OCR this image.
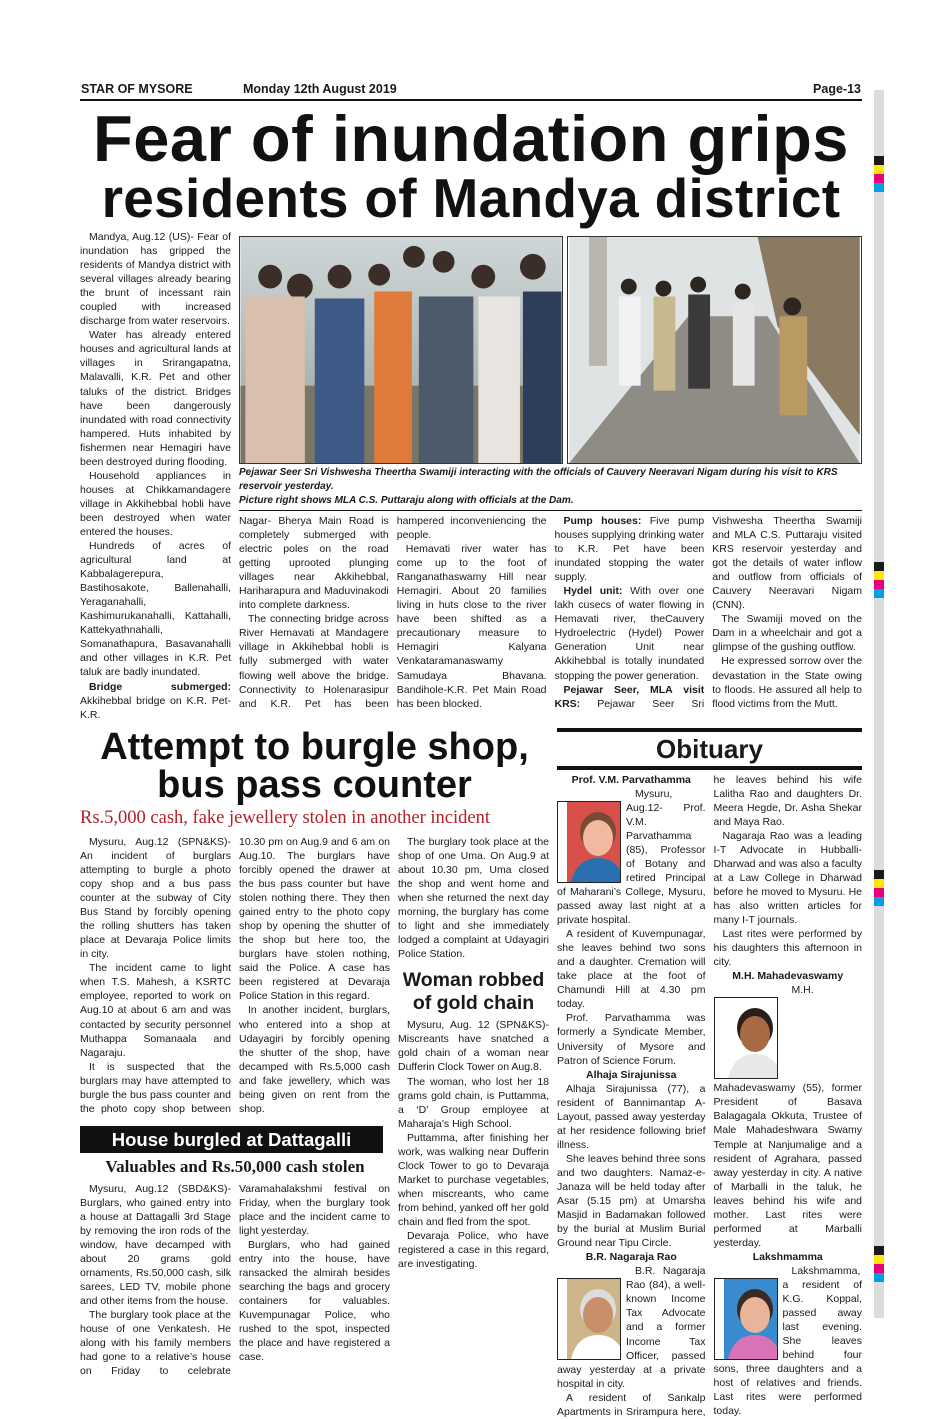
STAR OF MYSORE	Monday 12th August 2019	Page-13
Fear of inundation grips
residents of Mandya district

Mandya, Aug.12 (US)- Fear of inundation has gripped the residents of Mandya district with several villages already bearing the brunt of incessant rain coupled with increased discharge from water reservoirs.

Water has already entered houses and agricultural lands at villages in Srirangapatna, Malavalli, K.R. Pet and other taluks of the district. Bridges have been dangerously inundated with road connectivity hampered. Huts inhabited by fishermen near Hemagiri have been destroyed during flooding.

Household appliances in houses at Chikkamandagere village in Akkihebbal hobli have been destroyed when water entered the houses.

Hundreds of acres of agricultural land at Kabbalagerepura, Bastihosakote, Ballenahalli, Yeraganahalli, Kashimurukanahalli, Kattahalli, Kattekyathnahalli, Somanathapura, Basavanahalli and other villages in K.R. Pet taluk are badly inundated.

Bridge submerged: Akkihebbal bridge on K.R. Pet-K.R.

Pejawar Seer Sri Vishwesha Theertha Swamiji interacting with the officials of Cauvery Neeravari Nigam during his visit to KRS reservoir yesterday.
Picture right shows MLA C.S. Puttaraju along with officials at the Dam.

Nagar- Bherya Main Road is completely submerged with electric poles on the road getting uprooted plunging villages near Akkihebbal, Hariharapura and Maduvinakodi into complete darkness.

The connecting bridge across River Hemavati at Mandagere village in Akkihebbal hobli is fully submerged with water flowing well above the bridge. Connectivity to Holenarasipur and K.R. Pet has been hampered inconveniencing the people.

Hemavati river water has come up to the foot of Ranganathaswamy Hill near Hemagiri. About 20 families living in huts close to the river have been shifted as a precautionary measure to Hemagiri Kalyana Venkataramanaswamy Samudaya Bhavana. Bandihole-K.R. Pet Main Road has been blocked.

Pump houses: Five pump houses supplying drinking water to K.R. Pet have been inundated stopping the water supply.

Hydel unit: With over one lakh cusecs of water flowing in Hemavati river, theCauvery Hydroelectric (Hydel) Power Generation Unit near Akkihebbal is totally inundated stopping the power generation.

Pejawar Seer, MLA visit KRS: Pejawar Seer Sri Vishwesha Theertha Swamiji and MLA C.S. Puttaraju visited KRS reservoir yesterday and got the details of water inflow and outflow from officials of Cauvery Neeravari Nigam (CNN).

The Swamiji moved on the Dam in a wheelchair and got a glimpse of the gushing outflow.

He expressed sorrow over the devastation in the State owing to floods. He assured all help to flood victims from the Mutt.

Attempt to burgle shop,
bus pass counter
Rs.5,000 cash, fake jewellery stolen in another incident

Mysuru, Aug.12 (SPN&KS)- An incident of burglars attempting to burgle a photo copy shop and a bus pass counter at the subway of City Bus Stand by forcibly opening the rolling shutters has taken place at Devaraja Police limits in city.

The incident came to light when T.S. Mahesh, a KSRTC employee, reported to work on Aug.10 at about 6 am and was contacted by security personnel Muthappa Somanaala and Nagaraju.

It is suspected that the burglars may have attempted to burgle the bus pass counter and the photo copy shop between 10.30 pm on Aug.9 and 6 am on Aug.10. The burglars have forcibly opened the drawer at the bus pass counter but have stolen nothing there. They then gained entry to the photo copy shop by opening the shutter of the shop but here too, the burglars have stolen nothing, said the Police. A case has been registered at Devaraja Police Station in this regard.

In another incident, burglars, who entered into a shop at Udayagiri by forcibly opening the shutter of the shop, have decamped with Rs.5,000 cash and fake jewellery, which was being given on rent from the shop.

House burgled at Dattagalli
Valuables and Rs.50,000 cash stolen

Mysuru, Aug.12 (SBD&KS)- Burglars, who gained entry into a house at Dattagalli 3rd Stage by removing the iron rods of the window, have decamped with about 20 grams gold ornaments, Rs.50,000 cash, silk sarees, LED TV, mobile phone and other items from the house.

The burglary took place at the house of one Venkatesh. He along with his family members had gone to a relative’s house on Friday to celebrate Varamahalakshmi festival on Friday, when the burglary took place and the incident came to light yesterday.

Burglars, who had gained entry into the house, have ransacked the almirah besides searching the bags and grocery containers for valuables. Kuvempunagar Police, who rushed to the spot, inspected the place and have registered a case.

The burglary took place at the shop of one Uma. On Aug.9 at about 10.30 pm, Uma closed the shop and went home and when she returned the next day morning, the burglary has come to light and she immediately lodged a complaint at Udayagiri Police Station.

Woman robbed
of gold chain

Mysuru, Aug. 12 (SPN&KS)- Miscreants have snatched a gold chain of a woman near Dufferin Clock Tower on Aug.8.

The woman, who lost her 18 grams gold chain, is Puttamma, a ‘D’ Group employee at Maharaja’s High School.

Puttamma, after finishing her work, was walking near Dufferin Clock Tower to go to Devaraja Market to purchase vegetables, when miscreants, who came from behind, yanked off her gold chain and fled from the spot.

Devaraja Police, who have registered a case in this regard, are investigating.

Obituary

Prof. V.M. Parvathamma

Mysuru, Aug.12- Prof. V.M. Parvathamma (85), Professor of Botany and retired Principal of Maharani’s College, Mysuru, passed away last night at a private hospital.

A resident of Kuvempunagar, she leaves behind two sons and a daughter. Cremation will take place at the foot of Chamundi Hill at 4.30 pm today.

Prof. Parvathamma was formerly a Syndicate Member, University of Mysore and Patron of Science Forum.

Alhaja Sirajunissa

Alhaja Sirajunissa (77), a resident of Bannimantap A-Layout, passed away yesterday at her residence following brief illness.

She leaves behind three sons and two daughters. Namaz-e-Janaza will be held today after Asar (5.15 pm) at Umarsha Masjid in Badamakan followed by the burial at Muslim Burial Ground near Tipu Circle.

B.R. Nagaraja Rao

B.R. Nagaraja Rao (84), a well-known Income Tax Advocate and a former Income Tax Officer, passed away yesterday at a private hospital in city.

A resident of Sankalp Apartments in Srirampura here, he leaves behind his wife Lalitha Rao and daughters Dr. Meera Hegde, Dr. Asha Shekar and Maya Rao.

Nagaraja Rao was a leading I-T Advocate in Hubballi-Dharwad and was also a faculty at a Law College in Dharwad before he moved to Mysuru. He has also written articles for many I-T journals.

Last rites were performed by his daughters this afternoon in city.

M.H. Mahadevaswamy

M.H. Mahadevaswamy (55), former President of Basava Balagagala Okkuta, Trustee of Male Mahadeshwara Swamy Temple at Nanjumalige and a resident of Agrahara, passed away yesterday in city. A native of Marballi in the taluk, he leaves behind his wife and mother. Last rites were performed at Marballi yesterday.

Lakshmamma

Lakshmamma, a resident of K.G. Koppal, passed away last evening. She leaves behind four sons, three daughters and a host of relatives and friends. Last rites were performed today.
